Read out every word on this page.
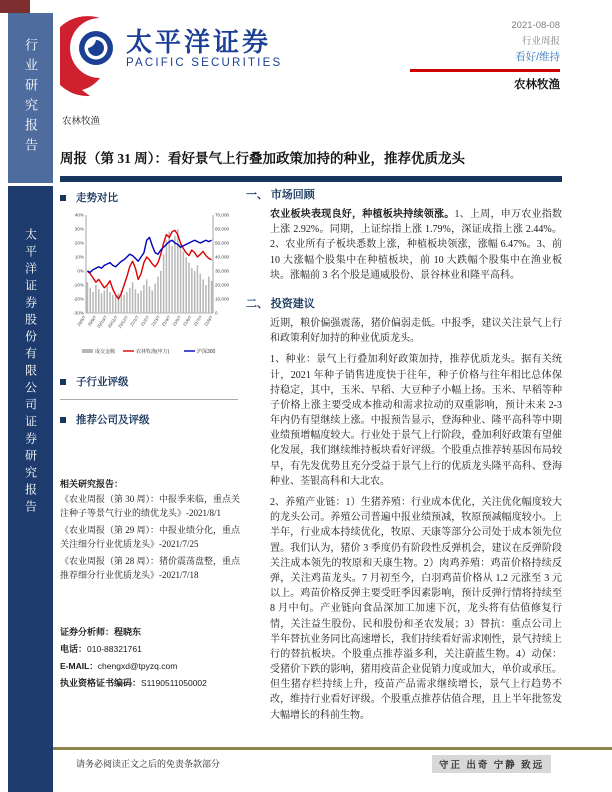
行业研究报告
太平洋证券股份有限公司证券研究报告
太平洋证券
PACIFIC SECURITIES
农林牧渔
2021-08-08
行业周报
看好/维持
农林牧渔
周报（第 31 周）：看好景气上行叠加政策加持的种业，推荐优质龙头
走势对比
40%
30%
20%
10%
0%
-10%
-20%
-30%
70,000
60,000
50,000
40,000
30,000
20,000
10,000
0
20/8/7 20/9/7
20/10/7
20/11/7
20/12/7 21/1/7 21/2/7 21/3/7 21/4/7 21/5/7 21/6/7 21/7/7 21/8/7
成交金额	农林牧渔(申万)	沪深300
子行业评级
推荐公司及评级

相关研究报告：

《农业周报（第 30 周）：中报季来临，重点关注种子等景气行业的绩优龙头》-2021/8/1

《农业周报（第 29 周）：中报业绩分化，重点关注细分行业优质龙头》-2021/7/25

《农业周报（第 28 周）：猪价震荡盘整，重点推荐细分行业优质龙头》-2021/7/18

证券分析师：程晓东
电话：010-88321761
E-MAIL：chengxd@tpyzq.com
执业资格证书编码：S1190511050002
一、 市场回顾

农业板块表现良好，种植板块持续领涨。1、上周，申万农业指数上涨 2.92%。同期，上证综指上涨 1.79%，深证成指上涨 2.44%。2、农业所有子板块悉数上涨，种植板块领涨，涨幅 6.47%。3、前 10 大涨幅个股集中在种植板块，前 10 大跌幅个股集中在渔业板块。涨幅前 3 名个股是通威股份、景谷林业和隆平高科。

二、 投资建议

近期，粮价偏强震荡，猪价偏弱走低。中报季，建议关注景气上行和政策利好加持的种业优质龙头。

1、种业：景气上行叠加利好政策加持，推荐优质龙头。据有关统计，2021 年种子销售进度快于往年，种子价格与往年相比总体保持稳定，其中，玉米、早稻、大豆种子小幅上扬。玉米、早稻等种子价格上涨主要受成本推动和需求拉动的双重影响，预计未来 2-3 年内仍有望继续上涨。中报预告显示，登海种业、隆平高科等中期业绩预增幅度较大。行业处于景气上行阶段，叠加利好政策有望催化发展，我们继续维持板块看好评级。个股重点推荐转基因布局较早，有先发优势且充分受益于景气上行的优质龙头隆平高科、登海种业、荃银高科和大北农。

2、养殖产业链：1）生猪养殖：行业成本优化，关注优化幅度较大的龙头公司。养殖公司普遍中报业绩预减，牧原预减幅度较小。上半年，行业成本持续优化，牧原、天康等部分公司处于成本领先位置。我们认为，猪价 3 季度仍有阶段性反弹机会，建议在反弹阶段关注成本领先的牧原和天康生物。2）肉鸡养殖：鸡苗价格持续反弹，关注鸡苗龙头。7 月初至今，白羽鸡苗价格从 1.2 元涨至 3 元以上。鸡苗价格反弹主要受旺季因素影响，预计反弹行情将持续至 8 月中旬。产业链向食品深加工加速下沉，龙头将有估值修复行情，关注益生股份、民和股份和圣农发展；3）替抗：重点公司上半年替抗业务同比高速增长，我们持续看好需求刚性，景气持续上行的替抗板块。个股重点推荐溢多利，关注蔚蓝生物。4）动保：受猪价下跌的影响，猪用疫苗企业促销力度或加大，单价或承压。但生猪存栏持续上升，疫苗产品需求继续增长，景气上行趋势不改，维持行业看好评级。个股重点推荐估值合理，且上半年批签发大幅增长的科前生物。

请务必阅读正文之后的免责条款部分	守正 出奇 宁静 致远
